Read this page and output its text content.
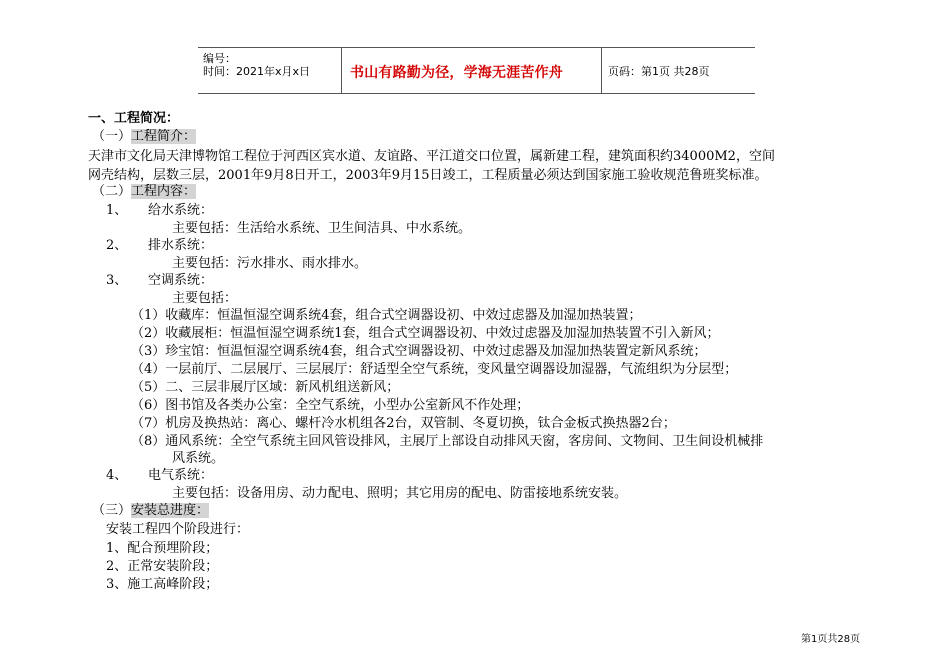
编号：
时间：2021年x月x日	书山有路勤为径，学海无涯苦作舟	页码：第1页 共28页
一、工程简况：
（一）工程简介：
天津市文化局天津博物馆工程位于河西区宾水道、友谊路、平江道交口位置，属新建工程，建筑面积约34000M2，空间
网壳结构，层数三层，2001年9月8日开工，2003年9月15日竣工，工程质量必须达到国家施工验收规范鲁班奖标准。
（二）工程内容：
1、 给水系统：
主要包括：生活给水系统、卫生间洁具、中水系统。
2、 排水系统：
主要包括：污水排水、雨水排水。
3、 空调系统：
主要包括：
（1）收藏库：恒温恒湿空调系统4套，组合式空调器设初、中效过虑器及加湿加热装置；
（2）收藏展柜：恒温恒湿空调系统1套，组合式空调器设初、中效过虑器及加湿加热装置不引入新风；
（3）珍宝馆：恒温恒湿空调系统4套，组合式空调器设初、中效过虑器及加湿加热装置定新风系统；
（4）一层前厅、二层展厅、三层展厅：舒适型全空气系统，变风量空调器设加湿器，气流组织为分层型；
（5）二、三层非展厅区域：新风机组送新风；
（6）图书馆及各类办公室：全空气系统，小型办公室新风不作处理；
（7）机房及换热站：离心、螺杆冷水机组各2台，双管制、冬夏切换，钛合金板式换热器2台；
（8）通风系统：全空气系统主回风管设排风，主展厅上部设自动排风天窗，客房间、文物间、卫生间设机械排
风系统。
4、 电气系统：
主要包括：设备用房、动力配电、照明；其它用房的配电、防雷接地系统安装。
（三）安装总进度：
安装工程四个阶段进行：
1、配合预埋阶段；
2、正常安装阶段；
3、施工高峰阶段；
第1页共28页
